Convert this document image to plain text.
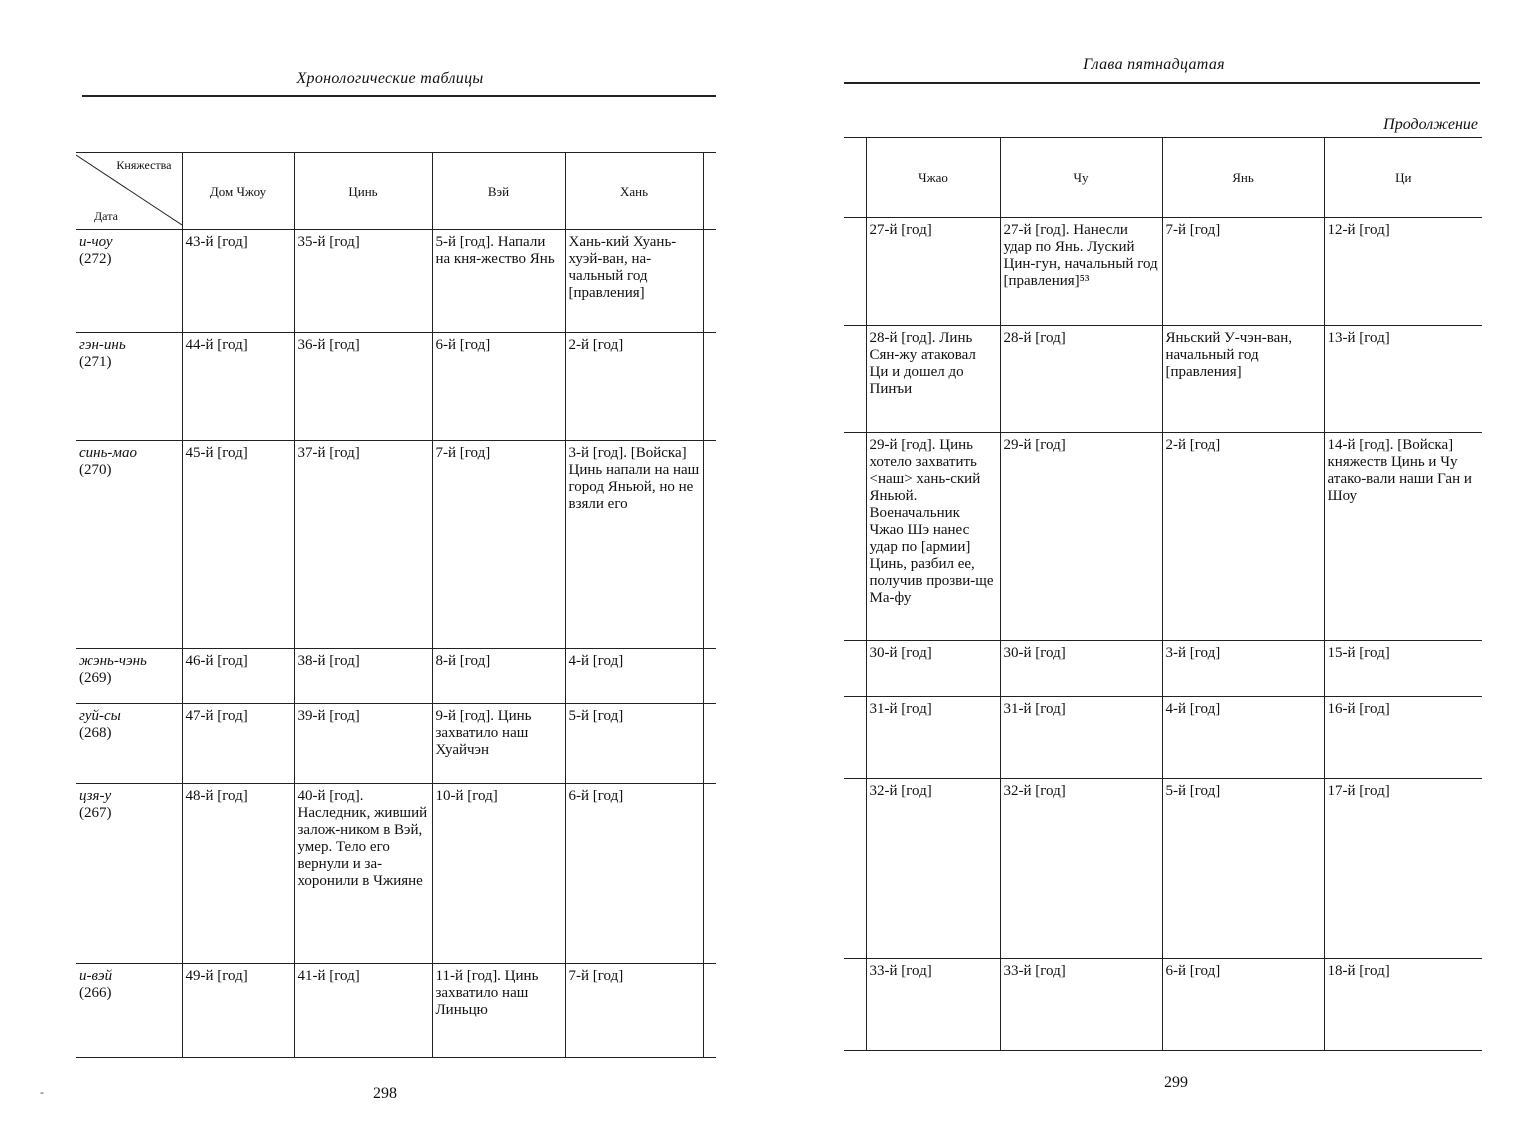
Хронологические таблицы
Княжества
Дата	Дом Чжоу	Цинь	Вэй	Хань	

и-чоу
(272)	43-й [год]	35-й [год]	5-й [год]. Напали на кня-жество Янь	Хань-кий Хуань-хуэй-ван, на-чальный год [правления]	

гэн-инь
(271)	44-й [год]	36-й [год]	6-й [год]	2-й [год]	

синь-мао
(270)	45-й [год]	37-й [год]	7-й [год]	3-й [год]. [Войска] Цинь напали на наш город Яньюй, но не взяли его	

жэнь-чэнь
(269)	46-й [год]	38-й [год]	8-й [год]	4-й [год]	

гуй-сы
(268)	47-й [год]	39-й [год]	9-й [год]. Цинь захватило наш Хуайчэн	5-й [год]	

цзя-у
(267)	48-й [год]	40-й [год]. Наследник, живший залож-ником в Вэй, умер. Тело его вернули и за-хоронили в Чжияне	10-й [год]	6-й [год]	

и-вэй
(266)	49-й [год]	41-й [год]	11-й [год]. Цинь захватило наш Линьцю	7-й [год]	

298
-
Глава пятнадцатая
Продолжение
	Чжао	Чу	Янь	Ци

	27-й [год]	27-й [год]. Нанесли удар по Янь. Луский Цин-гун, начальный год [правления]⁵³	7-й [год]	12-й [год]

	28-й [год]. Линь Сян-жу атаковал Ци и дошел до Пинъи	28-й [год]	Яньский У-чэн-ван, начальный год [правления]	13-й [год]

	29-й [год]. Цинь хотело захватить <наш> хань-ский Яньюй. Военачальник Чжао Шэ нанес удар по [армии] Цинь, разбил ее, получив прозви-ще Ма-фу	29-й [год]	2-й [год]	14-й [год]. [Войска] княжеств Цинь и Чу атако-вали наши Ган и Шоу

	30-й [год]	30-й [год]	3-й [год]	15-й [год]

	31-й [год]	31-й [год]	4-й [год]	16-й [год]

	32-й [год]	32-й [год]	5-й [год]	17-й [год]

	33-й [год]	33-й [год]	6-й [год]	18-й [год]
299
